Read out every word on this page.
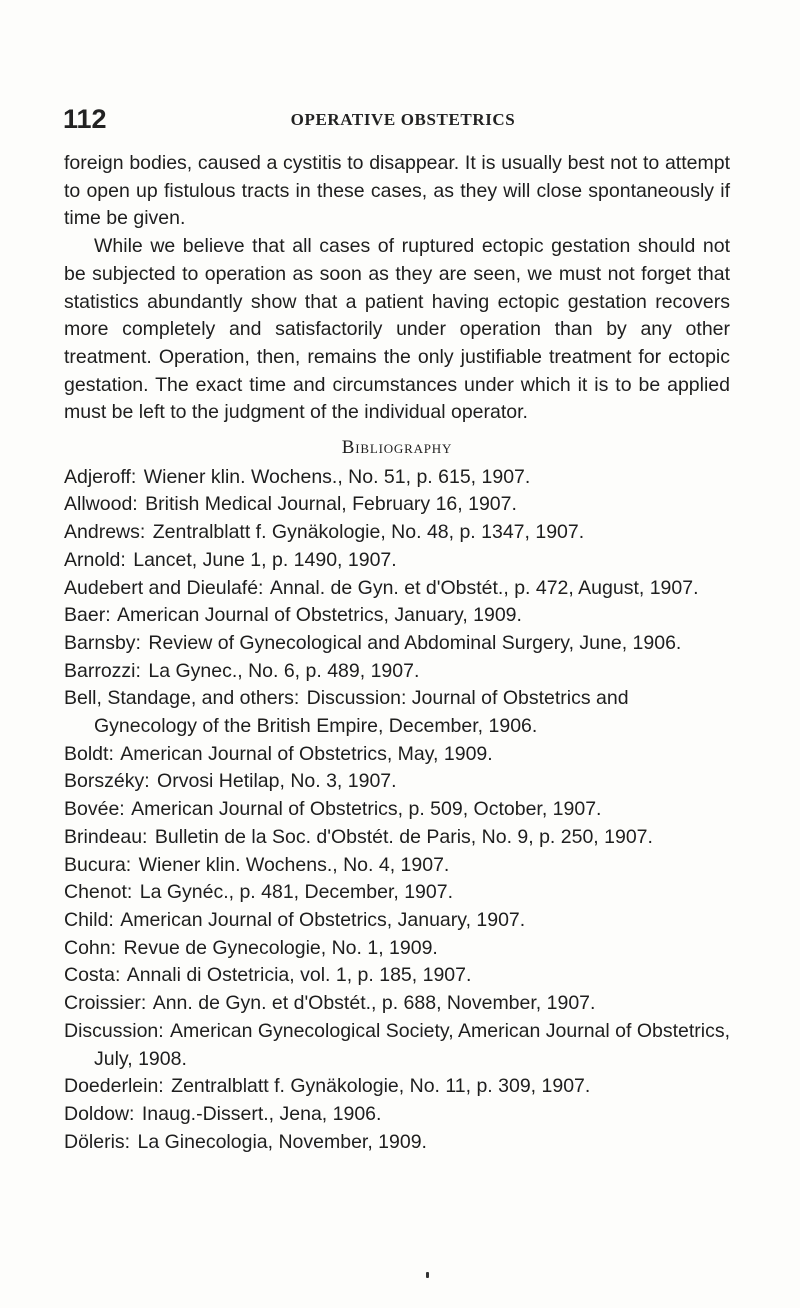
112	OPERATIVE OBSTETRICS

foreign bodies, caused a cystitis to disappear. It is usually best not to attempt to open up fistulous tracts in these cases, as they will close spontaneously if time be given.

While we believe that all cases of ruptured ectopic gestation should not be subjected to operation as soon as they are seen, we must not forget that statistics abundantly show that a patient having ectopic gestation recovers more completely and satisfactorily under operation than by any other treatment. Operation, then, remains the only justifiable treatment for ectopic gestation. The exact time and circumstances under which it is to be applied must be left to the judgment of the individual operator.

Bibliography

Adjeroff: Wiener klin. Wochens., No. 51, p. 615, 1907.

Allwood: British Medical Journal, February 16, 1907.

Andrews: Zentralblatt f. Gynäkologie, No. 48, p. 1347, 1907.

Arnold: Lancet, June 1, p. 1490, 1907.

Audebert and Dieulafé: Annal. de Gyn. et d'Obstét., p. 472, August, 1907.

Baer: American Journal of Obstetrics, January, 1909.

Barnsby: Review of Gynecological and Abdominal Surgery, June, 1906.

Barrozzi: La Gynec., No. 6, p. 489, 1907.

Bell, Standage, and others: Discussion: Journal of Obstetrics and Gynecology of the British Empire, December, 1906.

Boldt: American Journal of Obstetrics, May, 1909.

Borszéky: Orvosi Hetilap, No. 3, 1907.

Bovée: American Journal of Obstetrics, p. 509, October, 1907.

Brindeau: Bulletin de la Soc. d'Obstét. de Paris, No. 9, p. 250, 1907.

Bucura: Wiener klin. Wochens., No. 4, 1907.

Chenot: La Gynéc., p. 481, December, 1907.

Child: American Journal of Obstetrics, January, 1907.

Cohn: Revue de Gynecologie, No. 1, 1909.

Costa: Annali di Ostetricia, vol. 1, p. 185, 1907.

Croissier: Ann. de Gyn. et d'Obstét., p. 688, November, 1907.

Discussion: American Gynecological Society, American Journal of Obstetrics, July, 1908.

Doederlein: Zentralblatt f. Gynäkologie, No. 11, p. 309, 1907.

Doldow: Inaug.-Dissert., Jena, 1906.

Döleris: La Ginecologia, November, 1909.
